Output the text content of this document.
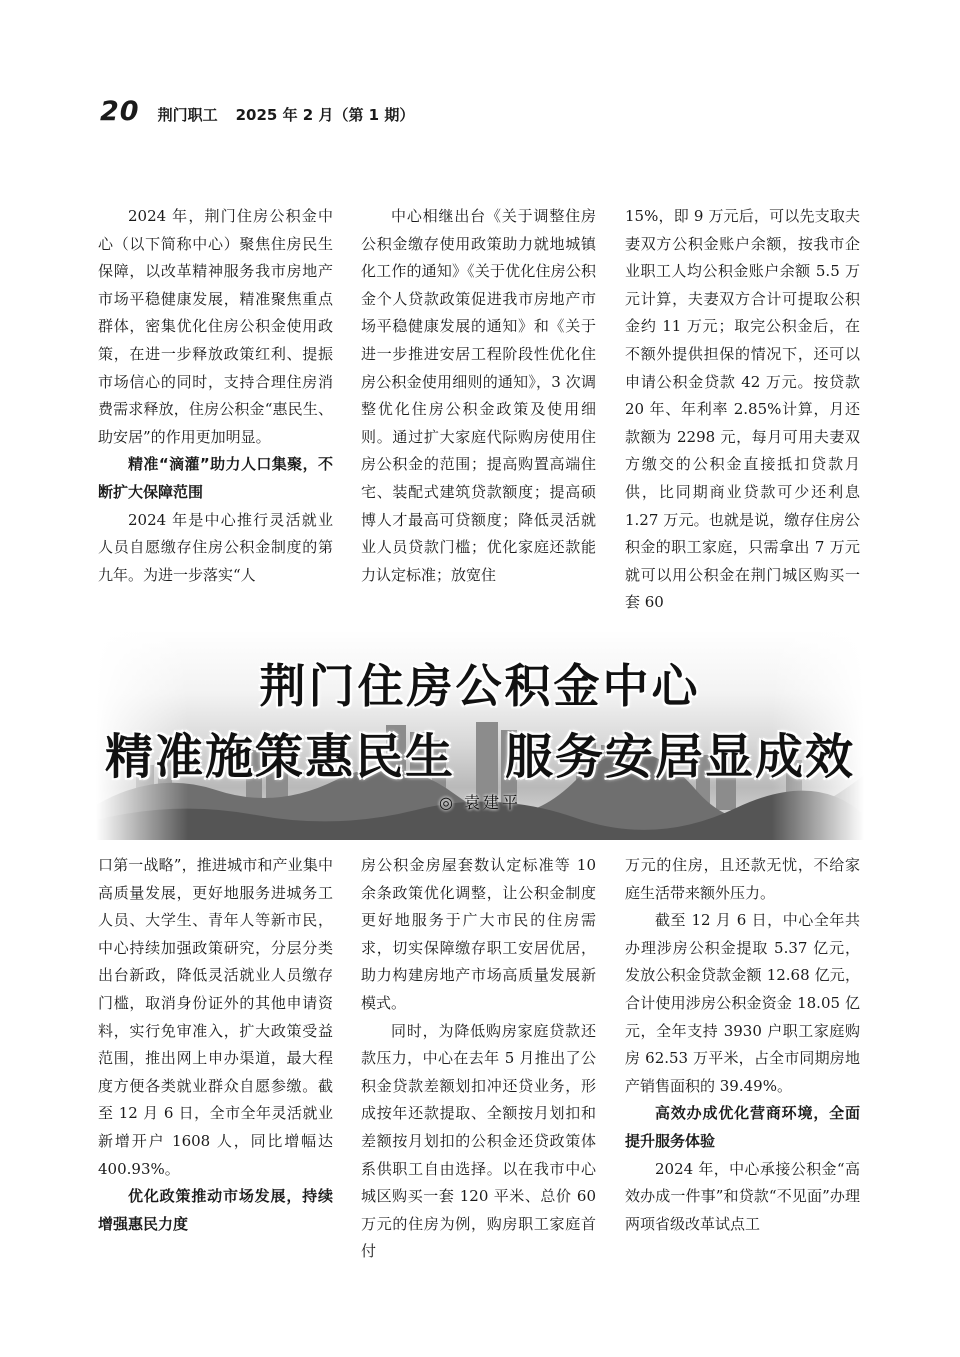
20 荆门职工 2025 年 2 月（第 1 期）

2024 年，荆门住房公积金中心（以下简称中心）聚焦住房民生保障，以改革精神服务我市房地产市场平稳健康发展，精准聚焦重点群体，密集优化住房公积金使用政策，在进一步释放政策红利、提振市场信心的同时，支持合理住房消费需求释放，住房公积金“惠民生、助安居”的作用更加明显。

精准“滴灌”助力人口集聚，不断扩大保障范围

2024 年是中心推行灵活就业人员自愿缴存住房公积金制度的第九年。为进一步落实“人

中心相继出台《关于调整住房公积金缴存使用政策助力就地城镇化工作的通知》《关于优化住房公积金个人贷款政策促进我市房地产市场平稳健康发展的通知》和《关于进一步推进安居工程阶段性优化住房公积金使用细则的通知》，3 次调整优化住房公积金政策及使用细则。通过扩大家庭代际购房使用住房公积金的范围；提高购置高端住宅、装配式建筑贷款额度；提高硕博人才最高可贷额度；降低灵活就业人员贷款门槛；优化家庭还款能力认定标准；放宽住

15%，即 9 万元后，可以先支取夫妻双方公积金账户余额，按我市企业职工人均公积金账户余额 5.5 万元计算，夫妻双方合计可提取公积金约 11 万元；取完公积金后，在不额外提供担保的情况下，还可以申请公积金贷款 42 万元。按贷款 20 年、年利率 2.85%计算，月还款额为 2298 元，每月可用夫妻双方缴交的公积金直接抵扣贷款月供，比同期商业贷款可少还利息 1.27 万元。也就是说，缴存住房公积金的职工家庭，只需拿出 7 万元就可以用公积金在荆门城区购买一套 60

荆门住房公积金中心
精准施策惠民生　服务安居显成效
◎ 袁建平

口第一战略”，推进城市和产业集中高质量发展，更好地服务进城务工人员、大学生、青年人等新市民，中心持续加强政策研究，分层分类出台新政，降低灵活就业人员缴存门槛，取消身份证外的其他申请资料，实行免审准入，扩大政策受益范围，推出网上申办渠道，最大程度方便各类就业群众自愿参缴。截至 12 月 6 日，全市全年灵活就业新增开户 1608 人，同比增幅达 400.93%。

优化政策推动市场发展，持续增强惠民力度

房公积金房屋套数认定标准等 10 余条政策优化调整，让公积金制度更好地服务于广大市民的住房需求，切实保障缴存职工安居优居，助力构建房地产市场高质量发展新模式。

同时，为降低购房家庭贷款还款压力，中心在去年 5 月推出了公积金贷款差额划扣冲还贷业务，形成按年还款提取、全额按月划扣和差额按月划扣的公积金还贷政策体系供职工自由选择。以在我市中心城区购买一套 120 平米、总价 60 万元的住房为例，购房职工家庭首付

万元的住房，且还款无忧，不给家庭生活带来额外压力。

截至 12 月 6 日，中心全年共办理涉房公积金提取 5.37 亿元，发放公积金贷款金额 12.68 亿元，合计使用涉房公积金资金 18.05 亿元，全年支持 3930 户职工家庭购房 62.53 万平米，占全市同期房地产销售面积的 39.49%。

高效办成优化营商环境，全面提升服务体验

2024 年，中心承接公积金“高效办成一件事”和贷款“不见面”办理两项省级改革试点工
